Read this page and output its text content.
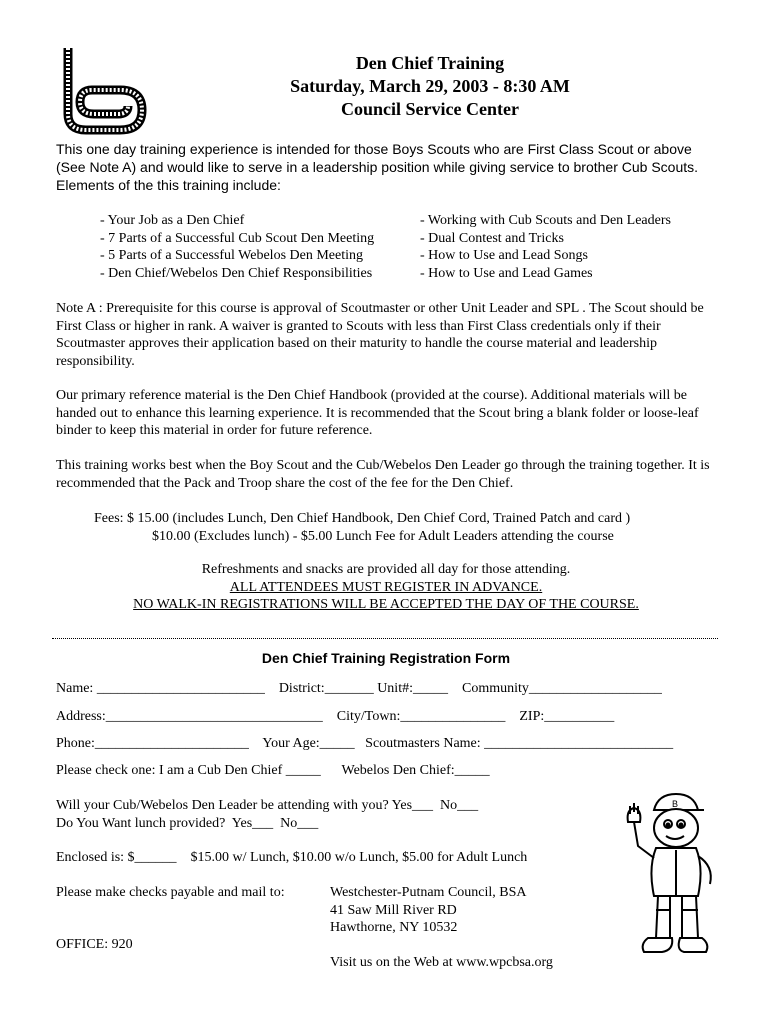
Den Chief Training
Saturday, March 29, 2003 - 8:30 AM
Council Service Center
This one day training experience is intended for those Boys Scouts who are First Class Scout or above (See Note A) and would like to serve in a leadership position while giving service to brother Cub Scouts. Elements of the this training include:
- Your Job as a Den Chief
- 7 Parts of a Successful Cub Scout Den Meeting
- 5 Parts of a Successful Webelos Den Meeting
- Den Chief/Webelos Den Chief Responsibilities
- Working with Cub Scouts and Den Leaders
- Dual Contest and Tricks
- How to Use and Lead Songs
- How to Use and Lead Games
Note A : Prerequisite for this course is approval of Scoutmaster or other Unit Leader and SPL . The Scout should be First Class or higher in rank. A waiver is granted to Scouts with less than First Class credentials only if their Scoutmaster approves their application based on their maturity to handle the course material and leadership responsibility.
Our primary reference material is the Den Chief Handbook (provided at the course). Additional materials will be handed out to enhance this learning experience. It is recommended that the Scout bring a blank folder or loose-leaf binder to keep this material in order for future reference.
This training works best when the Boy Scout and the Cub/Webelos Den Leader go through the training together. It is recommended that the Pack and Troop share the cost of the fee for the Den Chief.
Fees: $ 15.00 (includes Lunch, Den Chief Handbook, Den Chief Cord, Trained Patch and card )
$10.00 (Excludes lunch) - $5.00 Lunch Fee for Adult Leaders attending the course
Refreshments and snacks are provided all day for those attending.
ALL ATTENDEES MUST REGISTER IN ADVANCE.
NO WALK-IN REGISTRATIONS WILL BE ACCEPTED THE DAY OF THE COURSE.
Den Chief Training Registration Form
Name: ________________________    District:_______ Unit#:_____    Community___________________
Address:_______________________________    City/Town:_______________    ZIP:__________
Phone:______________________    Your Age:_____   Scoutmasters Name: ___________________________
Please check one: I am a Cub Den Chief _____      Webelos Den Chief:_____
Will your Cub/Webelos Den Leader be attending with you? Yes___  No___
Do You Want lunch provided?  Yes___  No___
Enclosed is: $______    $15.00 w/ Lunch, $10.00 w/o Lunch, $5.00 for Adult Lunch
Please make checks payable and mail to:
OFFICE: 920
Westchester-Putnam Council, BSA
41 Saw Mill River RD
Hawthorne, NY 10532
Visit us on the Web at www.wpcbsa.org
B
